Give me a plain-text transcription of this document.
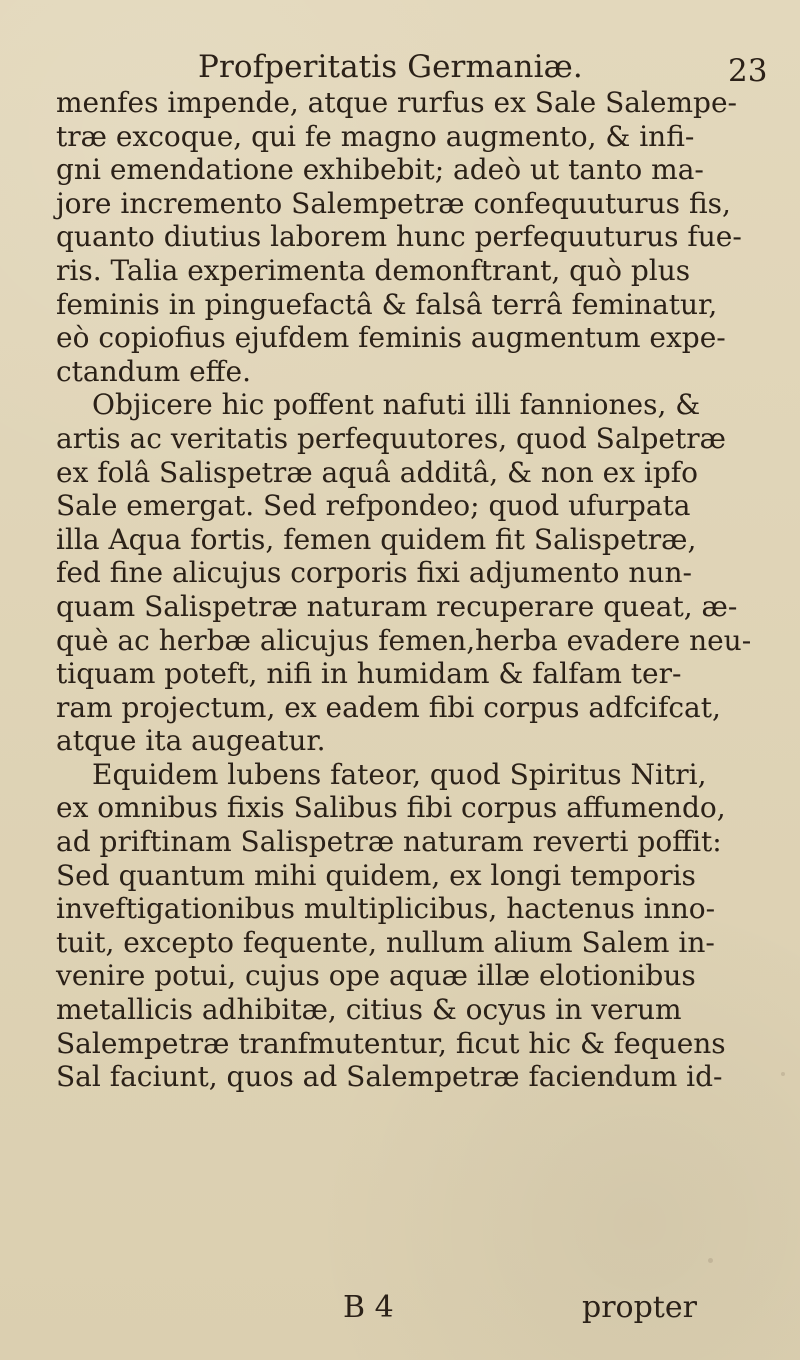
Profperitatis Germaniæ.	23
menfes impende, atque rurfus ex Sale Salempe-
træ excoque, qui fe magno augmento, & infi-
gni emendatione exhibebit; adeò ut tanto ma-
jore incremento Salempetræ confequuturus fis,
quanto diutius laborem hunc perfequuturus fue-
ris. Talia experimenta demonftrant, quò plus
feminis in pinguefactâ & falsâ terrâ feminatur,
eò copiofius ejufdem feminis augmentum expe-
ctandum effe.
Objicere hic poffent nafuti illi fanniones, &
artis ac veritatis perfequutores, quod Salpetræ
ex folâ Salispetræ aquâ additâ, & non ex ipfo
Sale emergat. Sed refpondeo; quod ufurpata
illa Aqua fortis, femen quidem fit Salispetræ,
fed fine alicujus corporis fixi adjumento nun-
quam Salispetræ naturam recuperare queat, æ-
què ac herbæ alicujus femen,herba evadere neu-
tiquam poteft, nifi in humidam & falfam ter-
ram projectum, ex eadem fibi corpus adfcifcat,
atque ita augeatur.
Equidem lubens fateor, quod Spiritus Nitri,
ex omnibus fixis Salibus fibi corpus affumendo,
ad priftinam Salispetræ naturam reverti poffit:
Sed quantum mihi quidem, ex longi temporis
inveftigationibus multiplicibus, hactenus inno-
tuit, excepto fequente, nullum alium Salem in-
venire potui, cujus ope aquæ illæ elotionibus
metallicis adhibitæ, citius & ocyus in verum
Salempetræ tranfmutentur, ficut hic & fequens
Sal faciunt, quos ad Salempetræ faciendum id-
B 4	propter
